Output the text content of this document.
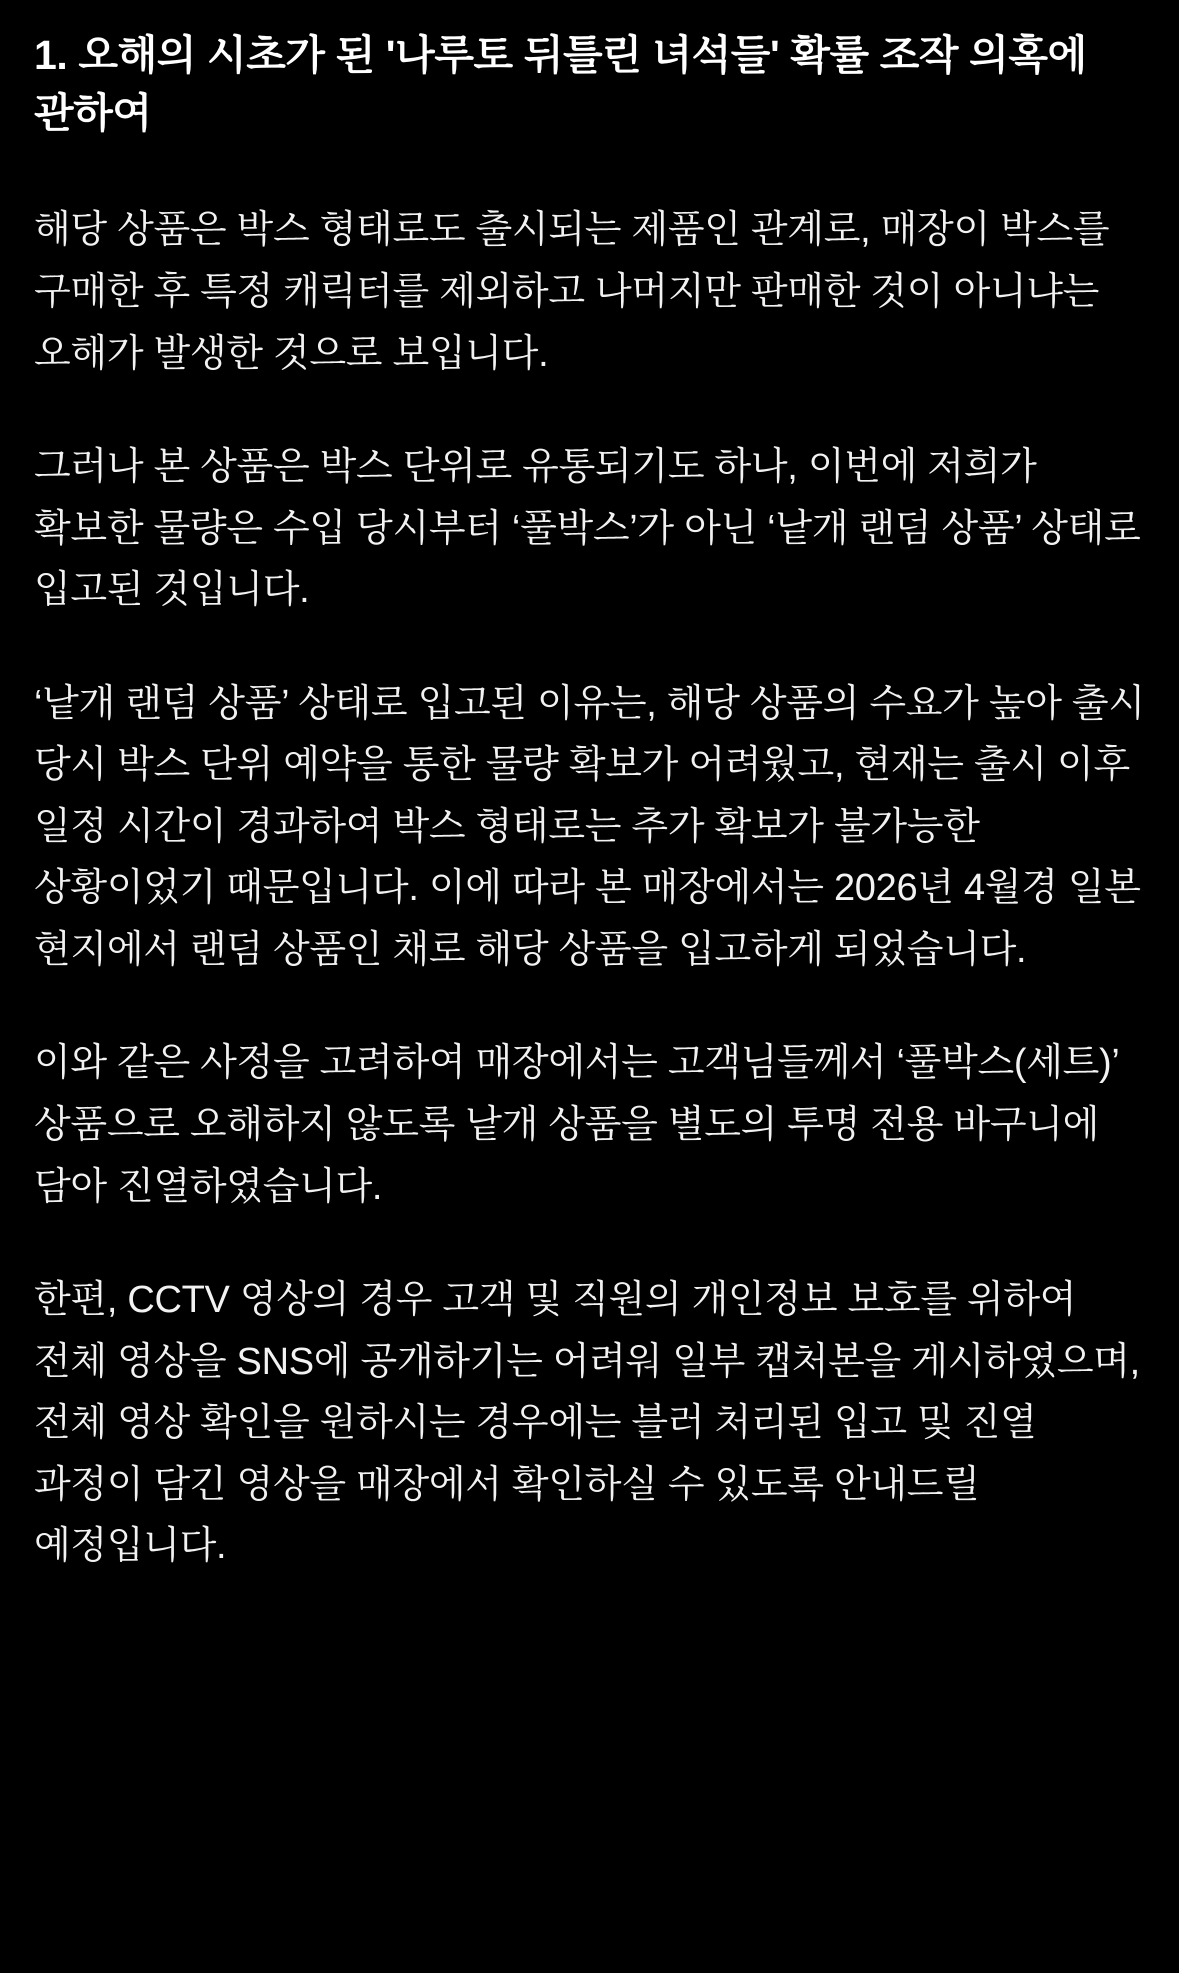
1. 오해의 시초가 된 '나루토 뒤틀린 녀석들' 확률 조작 의혹에 관하여

해당 상품은 박스 형태로도 출시되는 제품인 관계로, 매장이 박스를 구매한 후 특정 캐릭터를 제외하고 나머지만 판매한 것이 아니냐는 오해가 발생한 것으로 보입니다.

그러나 본 상품은 박스 단위로 유통되기도 하나, 이번에 저희가 확보한 물량은 수입 당시부터 ‘풀박스’가 아닌 ‘낱개 랜덤 상품’ 상태로 입고된 것입니다.

‘낱개 랜덤 상품’ 상태로 입고된 이유는, 해당 상품의 수요가 높아 출시 당시 박스 단위 예약을 통한 물량 확보가 어려웠고, 현재는 출시 이후 일정 시간이 경과하여 박스 형태로는 추가 확보가 불가능한 상황이었기 때문입니다. 이에 따라 본 매장에서는 2026년 4월경 일본 현지에서 랜덤 상품인 채로 해당 상품을 입고하게 되었습니다.

이와 같은 사정을 고려하여 매장에서는 고객님들께서 ‘풀박스(세트)’ 상품으로 오해하지 않도록 낱개 상품을 별도의 투명 전용 바구니에 담아 진열하였습니다.

한편, CCTV 영상의 경우 고객 및 직원의 개인정보 보호를 위하여 전체 영상을 SNS에 공개하기는 어려워 일부 캡처본을 게시하였으며, 전체 영상 확인을 원하시는 경우에는 블러 처리된 입고 및 진열 과정이 담긴 영상을 매장에서 확인하실 수 있도록 안내드릴 예정입니다.
